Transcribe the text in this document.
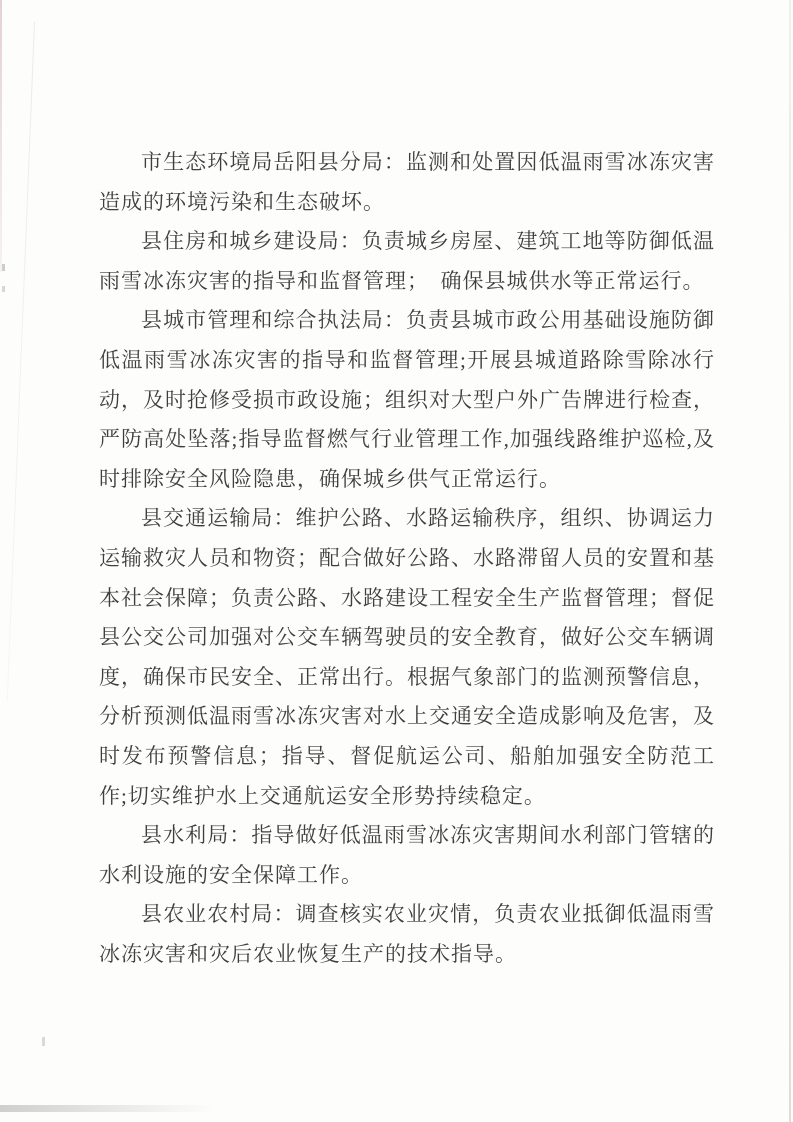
市生态环境局岳阳县分局：监测和处置因低温雨雪冰冻灾害造成的环境污染和生态破坏。

县住房和城乡建设局：负责城乡房屋、建筑工地等防御低温雨雪冰冻灾害的指导和监督管理；　确保县城供水等正常运行。

县城市管理和综合执法局：负责县城市政公用基础设施防御低温雨雪冰冻灾害的指导和监督管理;开展县城道路除雪除冰行动，及时抢修受损市政设施；组织对大型户外广告牌进行检查，严防高处坠落;指导监督燃气行业管理工作,加强线路维护巡检,及时排除安全风险隐患，确保城乡供气正常运行。

县交通运输局：维护公路、水路运输秩序，组织、协调运力运输救灾人员和物资；配合做好公路、水路滞留人员的安置和基本社会保障；负责公路、水路建设工程安全生产监督管理；督促县公交公司加强对公交车辆驾驶员的安全教育，做好公交车辆调度，确保市民安全、正常出行。根据气象部门的监测预警信息，分析预测低温雨雪冰冻灾害对水上交通安全造成影响及危害，及时发布预警信息；指导、督促航运公司、船舶加强安全防范工作;切实维护水上交通航运安全形势持续稳定。

县水利局：指导做好低温雨雪冰冻灾害期间水利部门管辖的水利设施的安全保障工作。

县农业农村局：调查核实农业灾情，负责农业抵御低温雨雪冰冻灾害和灾后农业恢复生产的技术指导。
